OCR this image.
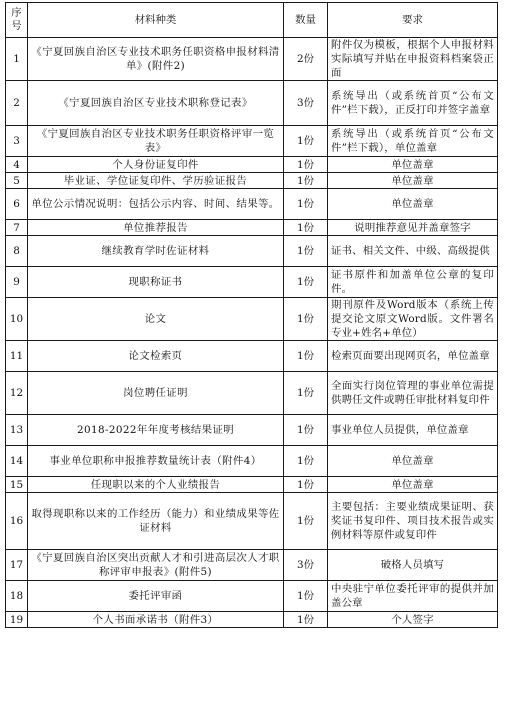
序
号	材料种类	数量	要求
1	《宁夏回族自治区专业技术职务任职资格申报材料清单》(附件2)	2份	附件仅为模板，根据个人申报材料实际填写并贴在申报资料档案袋正面
2	《宁夏回族自治区专业技术职称登记表》	3份	系统导出（或系统首页“公布文件”栏下载），正反打印并签字盖章
3	《宁夏回族自治区专业技术职务任职资格评审一览表》	1份	系统导出（或系统首页“公布文件”栏下载），单位盖章
4	个人身份证复印件	1份	单位盖章
5	毕业证、学位证复印件、学历验证报告	1份	单位盖章
6	单位公示情况说明：包括公示内容、时间、结果等。	1份	单位盖章
7	单位推荐报告	1份	说明推荐意见并盖章签字
8	继续教育学时佐证材料	1份	证书、相关文件、中级、高级提供
9	现职称证书	1份	证书原件和加盖单位公章的复印件。
10	论文	1份	期刊原件及Word版本（系统上传提交论文原文Word版。文件署名专业+姓名+单位）
11	论文检索页	1份	检索页面要出现网页名，单位盖章
12	岗位聘任证明	1份	全面实行岗位管理的事业单位需提供聘任文件或聘任审批材料复印件
13	2018-2022年年度考核结果证明	1份	事业单位人员提供，单位盖章
14	事业单位职称申报推荐数量统计表（附件4）	1份	单位盖章
15	任现职以来的个人业绩报告	1份	单位盖章
16	取得现职称以来的工作经历（能力）和业绩成果等佐证材料	1份	主要包括：主要业绩成果证明、获奖证书复印件、项目技术报告或实例材料等原件或复印件
17	《宁夏回族自治区突出贡献人才和引进高层次人才职称评审申报表》(附件5)	3份	破格人员填写
18	委托评审函	1份	中央驻宁单位委托评审的提供并加盖公章
19	个人书面承诺书（附件3）	1份	个人签字
